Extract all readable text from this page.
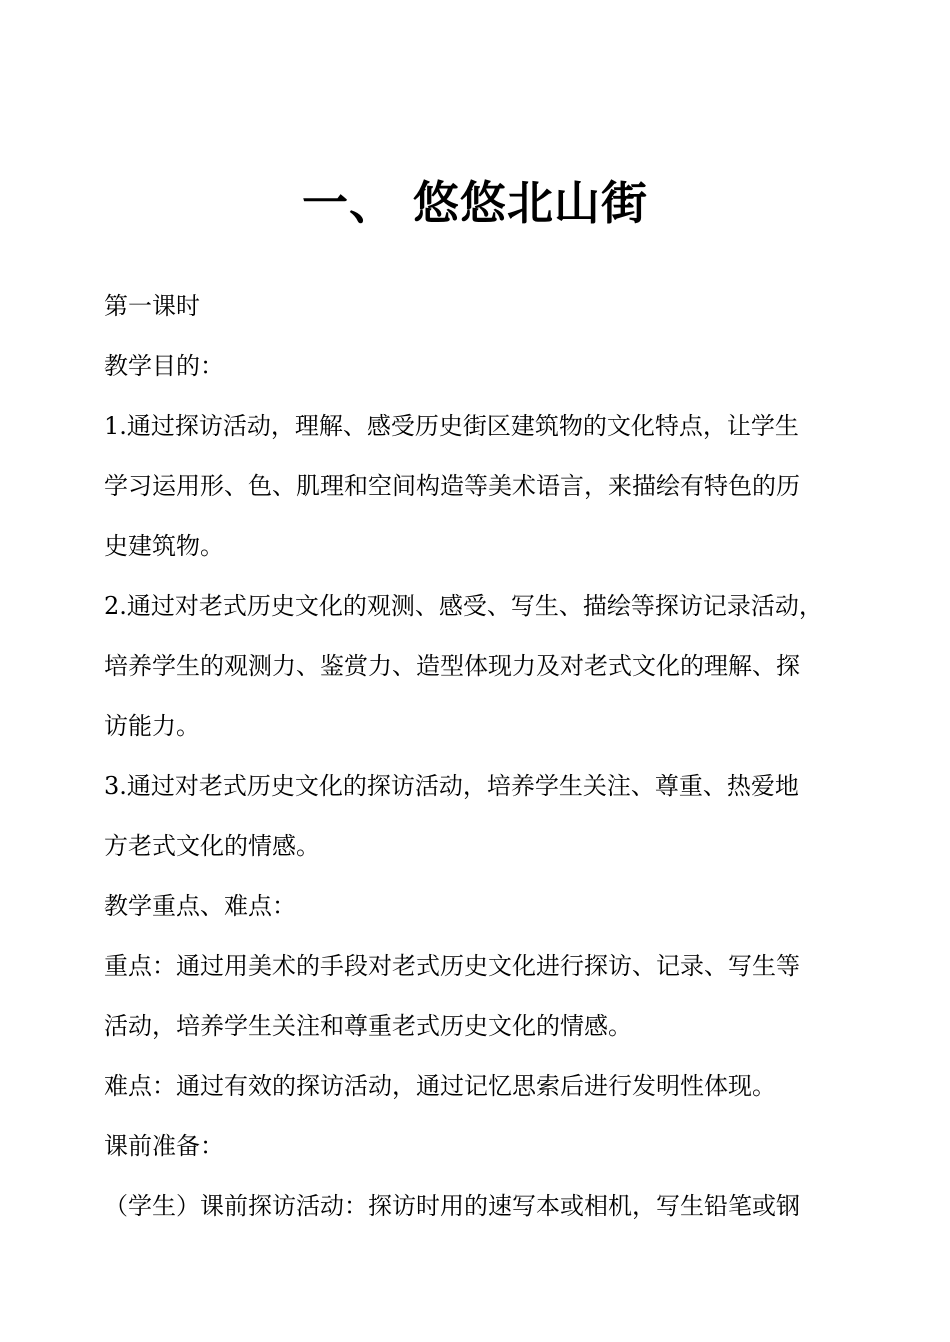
一、 悠悠北山街
第一课时
教学目的：
1.通过探访活动，理解、感受历史街区建筑物的文化特点，让学生
学习运用形、色、肌理和空间构造等美术语言，来描绘有特色的历
史建筑物。
2.通过对老式历史文化的观测、感受、写生、描绘等探访记录活动，
培养学生的观测力、鉴赏力、造型体现力及对老式文化的理解、探
访能力。
3.通过对老式历史文化的探访活动，培养学生关注、尊重、热爱地
方老式文化的情感。
教学重点、难点：
重点：通过用美术的手段对老式历史文化进行探访、记录、写生等
活动，培养学生关注和尊重老式历史文化的情感。
难点：通过有效的探访活动，通过记忆思索后进行发明性体现。
课前准备：
（学生）课前探访活动：探访时用的速写本或相机，写生铅笔或钢
